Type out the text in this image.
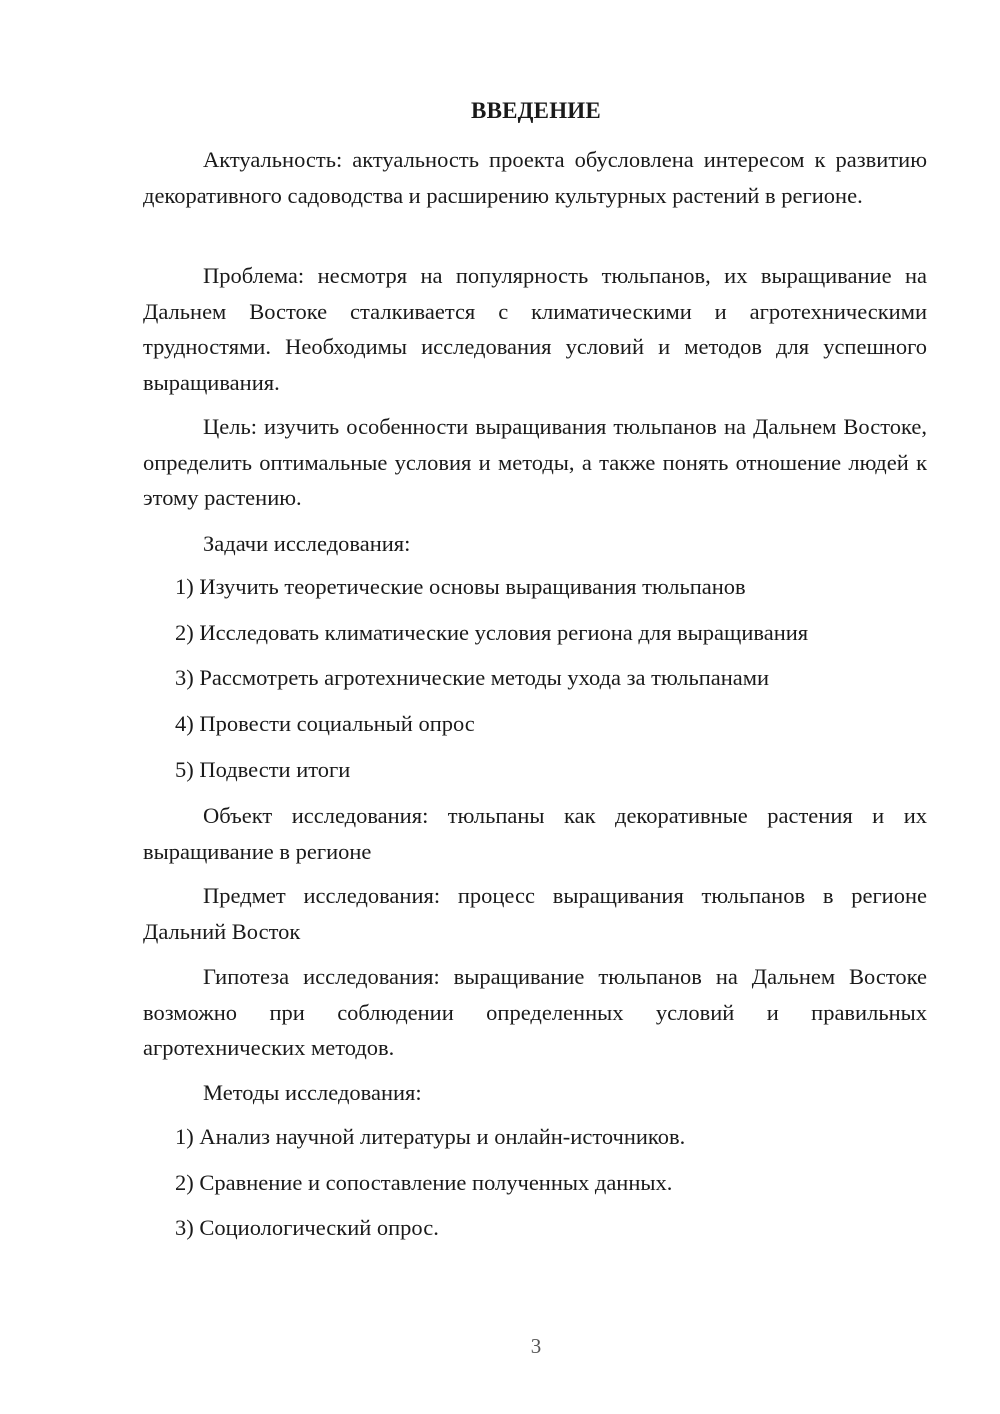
ВВЕДЕНИЕ

Актуальность: актуальность проекта обусловлена интересом к развитию декоративного садоводства и расширению культурных растений в регионе.

Проблема: несмотря на популярность тюльпанов, их выращивание на Дальнем Востоке сталкивается с климатическими и агротехническими трудностями. Необходимы исследования условий и методов для успешного выращивания.

Цель: изучить особенности выращивания тюльпанов на Дальнем Востоке, определить оптимальные условия и методы, а также понять отношение людей к этому растению.

Задачи исследования:

1) Изучить теоретические основы выращивания тюльпанов

2) Исследовать климатические условия региона для выращивания

3) Рассмотреть агротехнические методы ухода за тюльпанами

4) Провести социальный опрос

5) Подвести итоги

Объект исследования: тюльпаны как декоративные растения и их выращивание в регионе

Предмет исследования: процесс выращивания тюльпанов в регионе Дальний Восток

Гипотеза исследования: выращивание тюльпанов на Дальнем Востоке возможно при соблюдении определенных условий и правильных агротехнических методов.

Методы исследования:

1) Анализ научной литературы и онлайн-источников.

2) Сравнение и сопоставление полученных данных.

3) Социологический опрос.

3
